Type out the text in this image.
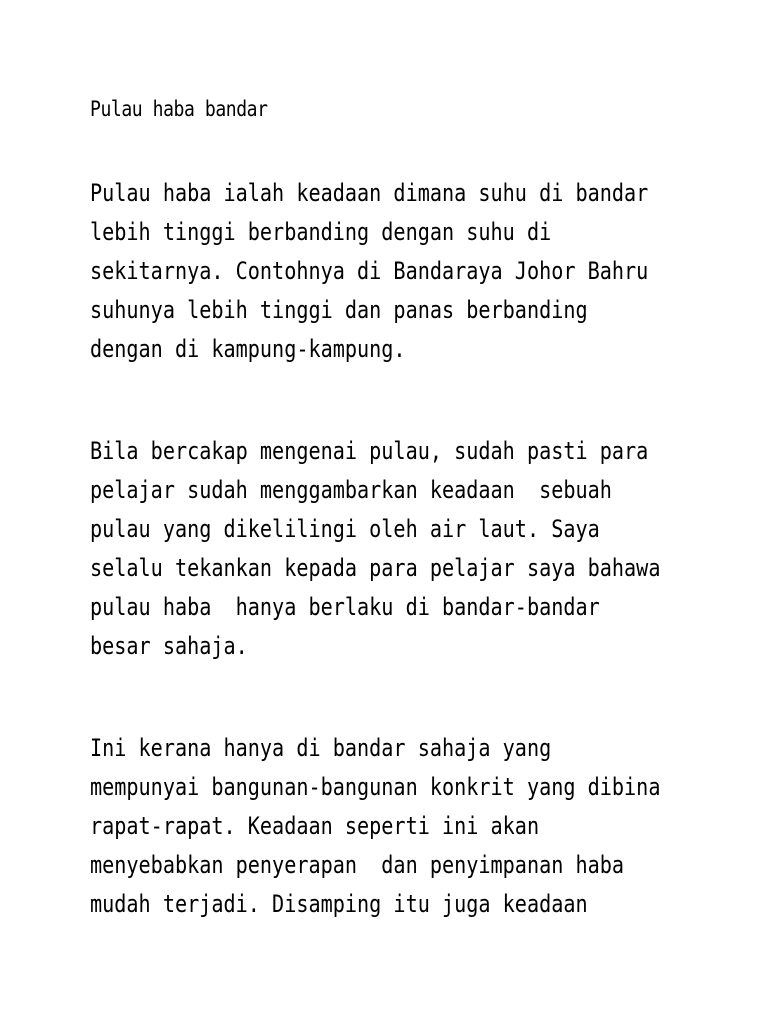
Pulau haba bandar
Pulau haba ialah keadaan dimana suhu di bandar
lebih tinggi berbanding dengan suhu di
sekitarnya. Contohnya di Bandaraya Johor Bahru
suhunya lebih tinggi dan panas berbanding
dengan di kampung-kampung.
Bila bercakap mengenai pulau, sudah pasti para
pelajar sudah menggambarkan keadaan  sebuah
pulau yang dikelilingi oleh air laut. Saya
selalu tekankan kepada para pelajar saya bahawa
pulau haba  hanya berlaku di bandar-bandar
besar sahaja.
Ini kerana hanya di bandar sahaja yang
mempunyai bangunan-bangunan konkrit yang dibina
rapat-rapat. Keadaan seperti ini akan
menyebabkan penyerapan  dan penyimpanan haba
mudah terjadi. Disamping itu juga keadaan
